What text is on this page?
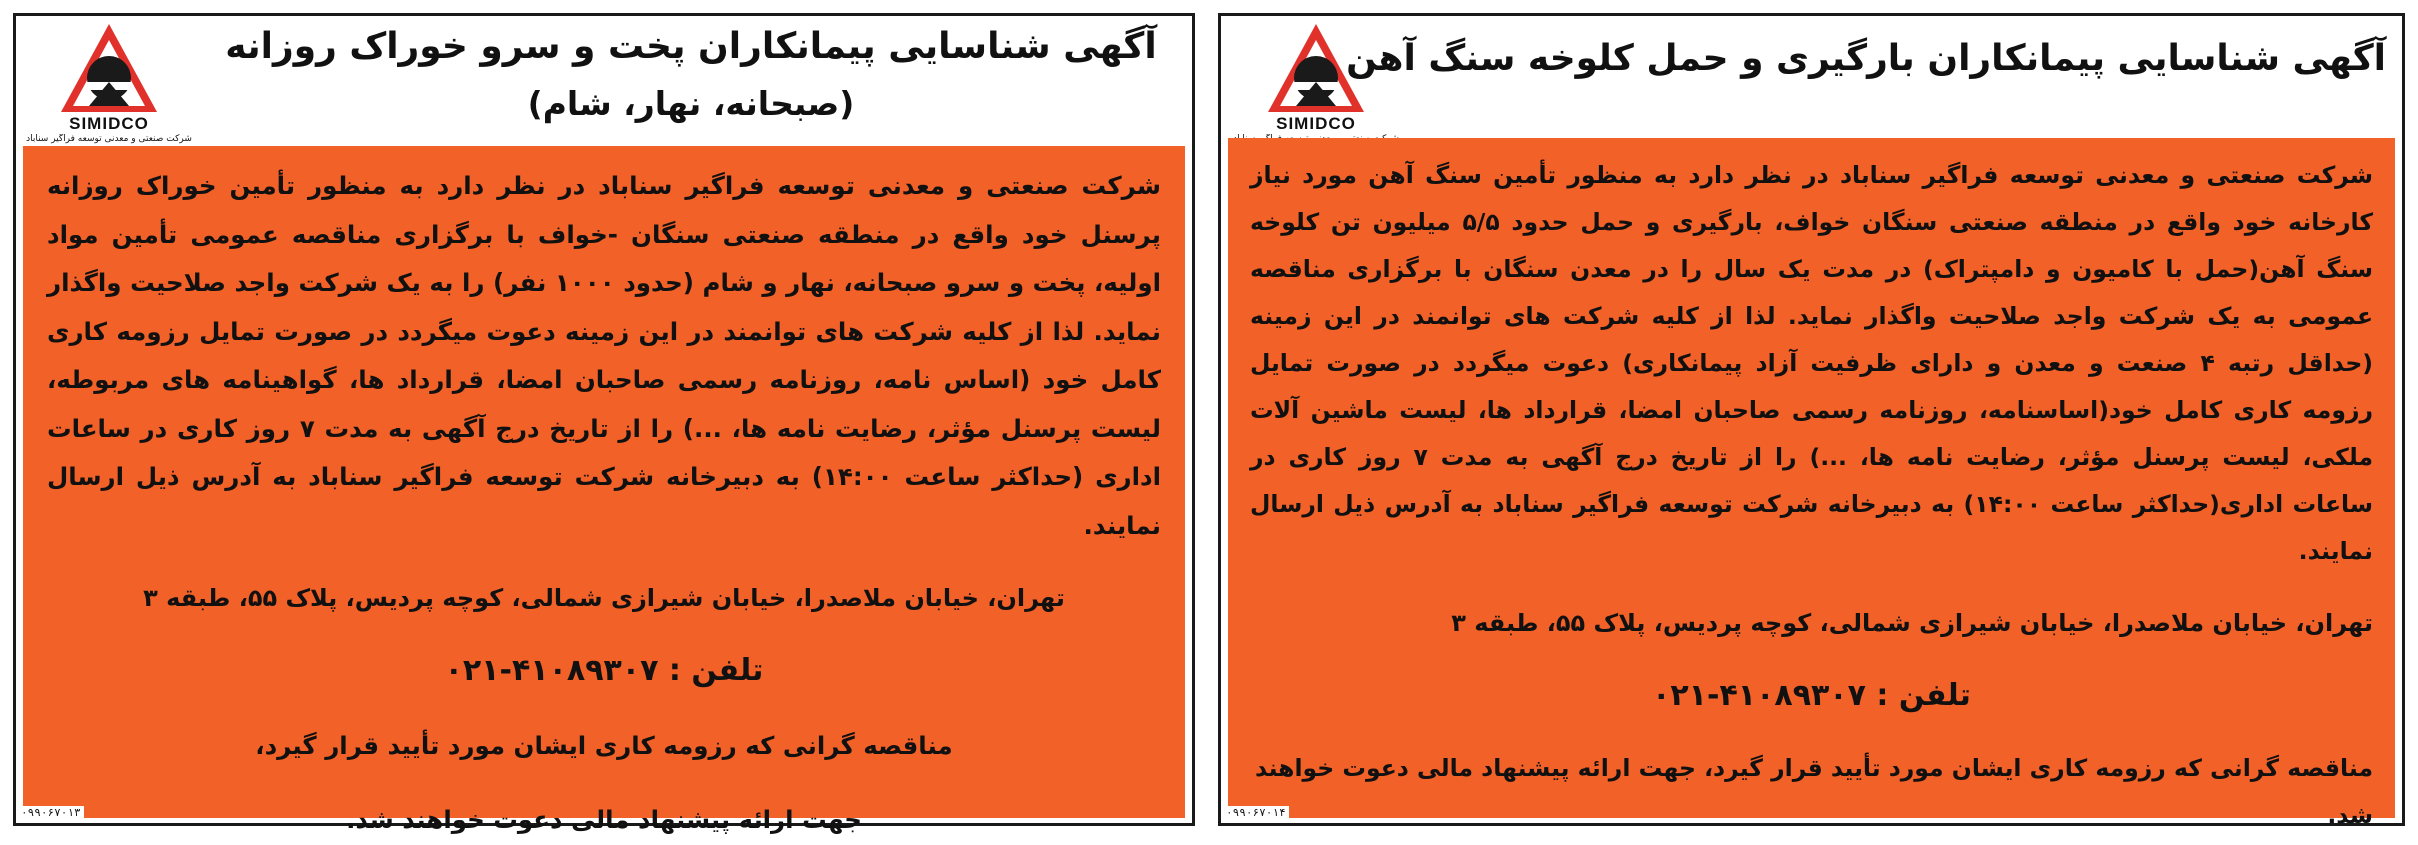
SIMIDCO
شرکت صنعتی و معدنی توسعه فراگیر سناباد
آگهی شناسایی پیمانکاران پخت و سرو خوراک روزانه
(صبحانه، نهار، شام)

شرکت صنعتی و معدنی توسعه فراگیر سناباد در نظر دارد به منظور تأمین خوراک روزانه پرسنل خود واقع در منطقه صنعتی سنگان -خواف با برگزاری مناقصه عمومی تأمین مواد اولیه، پخت و سرو صبحانه، نهار و شام (حدود ۱۰۰۰ نفر) را به یک شرکت واجد صلاحیت واگذار نماید. لذا از کلیه شرکت های توانمند در این زمینه دعوت میگردد در صورت تمایل رزومه کاری کامل خود (اساس نامه، روزنامه رسمی صاحبان امضا، قرارداد ها، گواهینامه های مربوطه، لیست پرسنل مؤثر، رضایت نامه ها، ...) را از تاریخ درج آگهی به مدت ۷ روز کاری در ساعات اداری (حداکثر ساعت ۱۴:۰۰) به دبیرخانه شرکت توسعه فراگیر سناباد به آدرس ذیل ارسال نمایند.

تهران، خیابان ملاصدرا، خیابان شیرازی شمالی، کوچه پردیس، پلاک ۵۵، طبقه ۳

تلفن : ۰۲۱-۴۱۰۸۹۳۰۷

مناقصه گرانی که رزومه کاری ایشان مورد تأیید قرار گیرد،

جهت ارائه پیشنهاد مالی دعوت خواهند شد.

۰۹۹۰۶۷۰۱۳
SIMIDCO
آگهی شناسایی پیمانکاران بارگیری و حمل کلوخه سنگ آهن

شرکت صنعتی و معدنی توسعه فراگیر سناباد در نظر دارد به منظور تأمین سنگ آهن مورد نیاز کارخانه خود واقع در منطقه صنعتی سنگان خواف، بارگیری و حمل حدود ۵/۵ میلیون تن کلوخه سنگ آهن(حمل با کامیون و دامپتراک) در مدت یک سال را در معدن سنگان با برگزاری مناقصه عمومی به یک شرکت واجد صلاحیت واگذار نماید. لذا از کلیه شرکت های توانمند در این زمینه (حداقل رتبه ۴ صنعت و معدن و دارای ظرفیت آزاد پیمانکاری) دعوت میگردد در صورت تمایل رزومه کاری کامل خود(اساسنامه، روزنامه رسمی صاحبان امضا، قرارداد ها، لیست ماشین آلات ملکی، لیست پرسنل مؤثر، رضایت نامه ها، ...) را از تاریخ درج آگهی به مدت ۷ روز کاری در ساعات اداری(حداکثر ساعت ۱۴:۰۰) به دبیرخانه شرکت توسعه فراگیر سناباد به آدرس ذیل ارسال نمایند.

تهران، خیابان ملاصدرا، خیابان شیرازی شمالی، کوچه پردیس، پلاک ۵۵، طبقه ۳

تلفن : ۰۲۱-۴۱۰۸۹۳۰۷

مناقصه گرانی که رزومه کاری ایشان مورد تأیید قرار گیرد، جهت ارائه پیشنهاد مالی دعوت خواهند شد.

۰۹۹۰۶۷۰۱۴
